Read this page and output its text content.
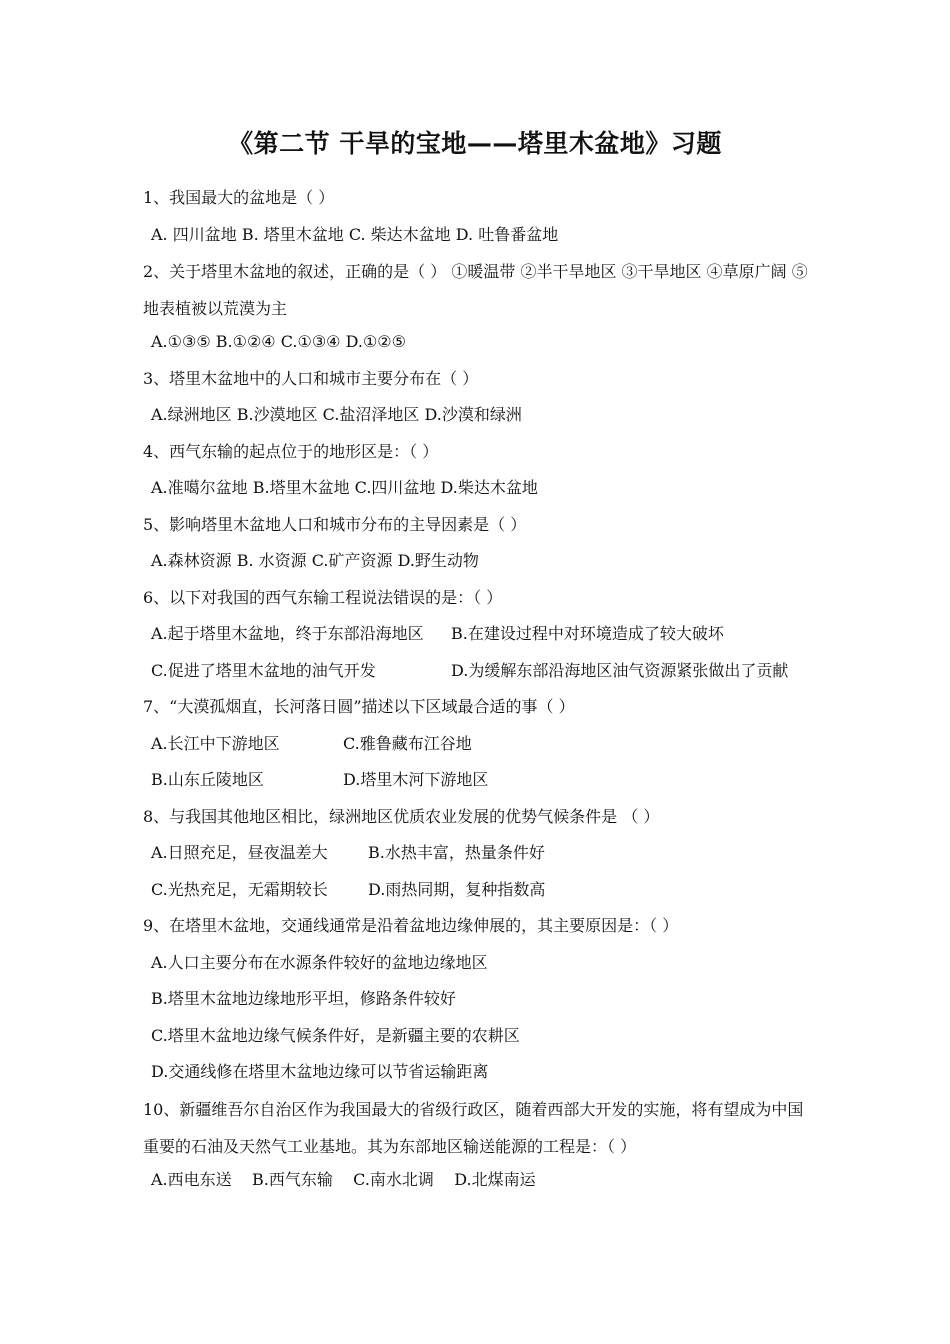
《第二节 干旱的宝地——塔里木盆地》习题
1、我国最大的盆地是（ ）
A. 四川盆地 B. 塔里木盆地 C. 柴达木盆地 D. 吐鲁番盆地
2、关于塔里木盆地的叙述，正确的是（ ） ①暖温带 ②半干旱地区 ③干旱地区 ④草原广阔 ⑤地表植被以荒漠为主
A.①③⑤ B.①②④ C.①③④ D.①②⑤
3、塔里木盆地中的人口和城市主要分布在（ ）
A.绿洲地区 B.沙漠地区 C.盐沼泽地区 D.沙漠和绿洲
4、西气东输的起点位于的地形区是：（ ）
A.准噶尔盆地 B.塔里木盆地 C.四川盆地 D.柴达木盆地
5、影响塔里木盆地人口和城市分布的主导因素是（ ）
A.森林资源 B. 水资源 C.矿产资源 D.野生动物
6、以下对我国的西气东输工程说法错误的是：（ ）
A.起于塔里木盆地，终于东部沿海地区 B.在建设过程中对环境造成了较大破坏
C.促进了塔里木盆地的油气开发	D.为缓解东部沿海地区油气资源紧张做出了贡献
7、“大漠孤烟直，长河落日圆”描述以下区域最合适的事（ ）
A.长江中下游地区	C.雅鲁藏布江谷地
B.山东丘陵地区	D.塔里木河下游地区
8、与我国其他地区相比，绿洲地区优质农业发展的优势气候条件是 （ ）
A.日照充足，昼夜温差大	B.水热丰富，热量条件好
C.光热充足，无霜期较长	D.雨热同期，复种指数高
9、在塔里木盆地，交通线通常是沿着盆地边缘伸展的，其主要原因是：（ ）
A.人口主要分布在水源条件较好的盆地边缘地区
B.塔里木盆地边缘地形平坦，修路条件较好
C.塔里木盆地边缘气候条件好，是新疆主要的农耕区
D.交通线修在塔里木盆地边缘可以节省运输距离
10、新疆维吾尔自治区作为我国最大的省级行政区，随着西部大开发的实施，将有望成为中国重要的石油及天然气工业基地。其为东部地区输送能源的工程是：（ ）
A.西电东送    B.西气东输    C.南水北调    D.北煤南运
